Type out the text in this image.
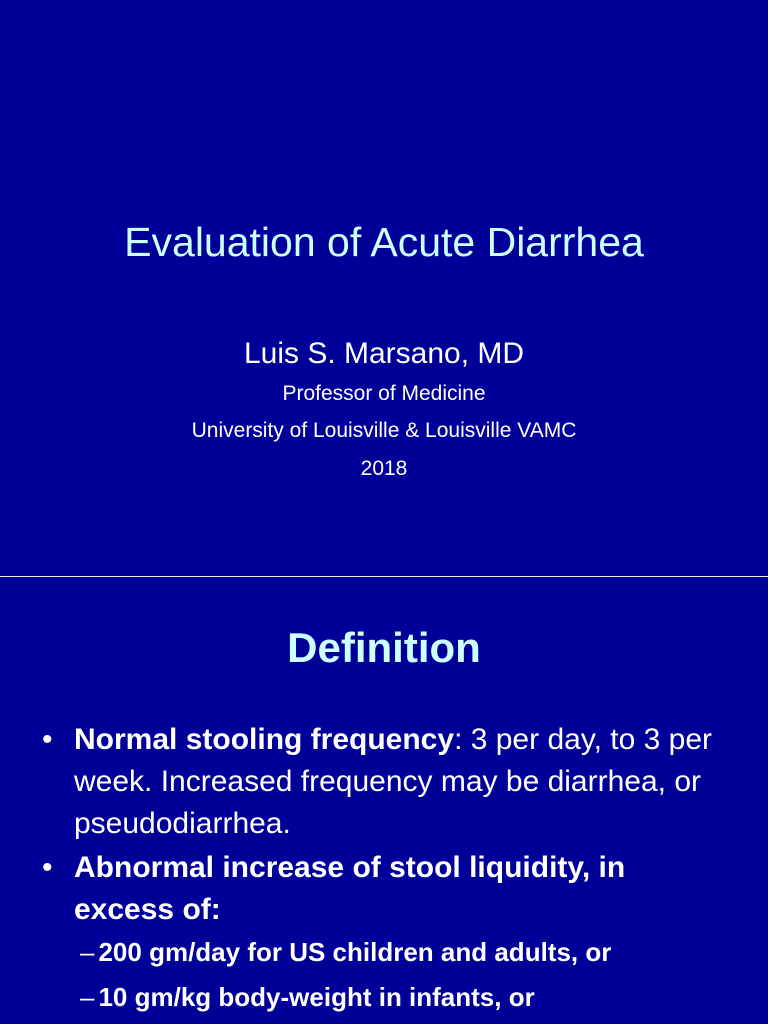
Evaluation of Acute Diarrhea
Luis S. Marsano, MD
Professor of Medicine
University of Louisville & Louisville VAMC
2018
Definition
• Normal stooling frequency: 3 per day, to 3 per week. Increased frequency may be diarrhea, or pseudodiarrhea.
• Abnormal increase of stool liquidity, in excess of:
– 200 gm/day for US children and adults, or
– 10 gm/kg body-weight in infants, or
